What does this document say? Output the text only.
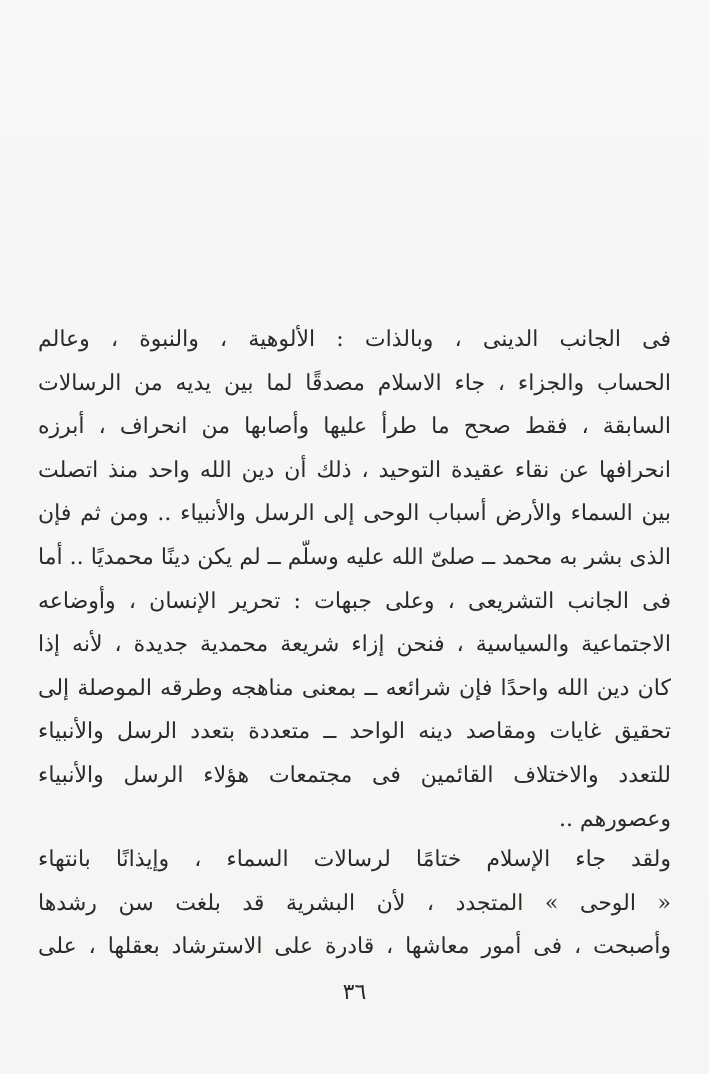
فى الجانب الدينى ، وبالذات : الألوهية ، والنبوة ، وعالم
الحساب والجزاء ، جاء الاسلام مصدقًا لما بين يديه من الرسالات
السابقة ، فقط صحح ما طرأ عليها وأصابها من انحراف ، أبرزه
انحرافها عن نقاء عقيدة التوحيد ، ذلك أن دين الله واحد منذ اتصلت
بين السماء والأرض أسباب الوحى إلى الرسل والأنبياء .. ومن ثم فإن
الذى بشر به محمد ــ صلىّ الله عليه وسلّم ــ لم يكن دينًا محمديًا .. أما
فى الجانب التشريعى ، وعلى جبهات : تحرير الإنسان ، وأوضاعه
الاجتماعية والسياسية ، فنحن إزاء شريعة محمدية جديدة ، لأنه إذا
كان دين الله واحدًا فإن شرائعه ــ بمعنى مناهجه وطرقه الموصلة إلى
تحقيق غايات ومقاصد دينه الواحد ــ متعددة بتعدد الرسل والأنبياء
للتعدد والاختلاف القائمين فى مجتمعات هؤلاء الرسل والأنبياء
وعصورهم ..
ولقد جاء الإسلام ختامًا لرسالات السماء ، وإيذانًا بانتهاء
« الوحى » المتجدد ، لأن البشرية قد بلغت سن رشدها
وأصبحت ، فى أمور معاشها ، قادرة على الاسترشاد بعقلها ، على
٣٦
